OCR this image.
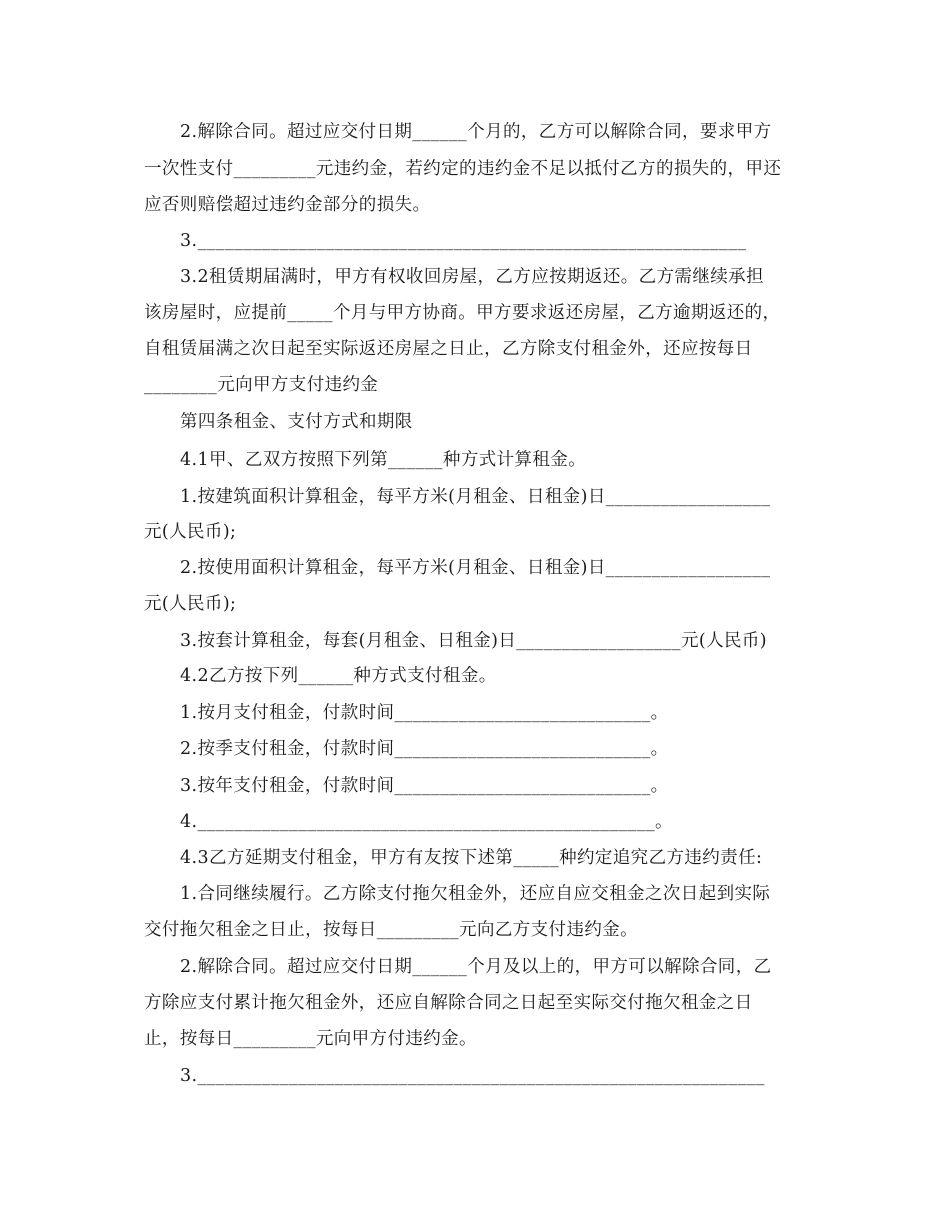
2.解除合同。超过应交付日期______个月的，乙方可以解除合同，要求甲方
一次性支付_________元违约金，若约定的违约金不足以抵付乙方的损失的，甲还
应否则赔偿超过违约金部分的损失。
3.____________________________________________________________
3.2租赁期届满时，甲方有权收回房屋，乙方应按期返还。乙方需继续承担
该房屋时，应提前_____个月与甲方协商。甲方要求返还房屋，乙方逾期返还的，
自租赁届满之次日起至实际返还房屋之日止，乙方除支付租金外，还应按每日
________元向甲方支付违约金
第四条租金、支付方式和期限
4.1甲、乙双方按照下列第______种方式计算租金。
1.按建筑面积计算租金，每平方米(月租金、日租金)日__________________
元(人民币);
2.按使用面积计算租金，每平方米(月租金、日租金)日__________________
元(人民币);
3.按套计算租金，每套(月租金、日租金)日__________________元(人民币)
4.2乙方按下列______种方式支付租金。
1.按月支付租金，付款时间____________________________。
2.按季支付租金，付款时间____________________________。
3.按年支付租金，付款时间____________________________。
4.__________________________________________________。
4.3乙方延期支付租金，甲方有友按下述第_____种约定追究乙方违约责任:
1.合同继续履行。乙方除支付拖欠租金外，还应自应交租金之次日起到实际
交付拖欠租金之日止，按每日_________元向乙方支付违约金。
2.解除合同。超过应交付日期______个月及以上的，甲方可以解除合同，乙
方除应支付累计拖欠租金外，还应自解除合同之日起至实际交付拖欠租金之日
止，按每日_________元向甲方付违约金。
3.______________________________________________________________
